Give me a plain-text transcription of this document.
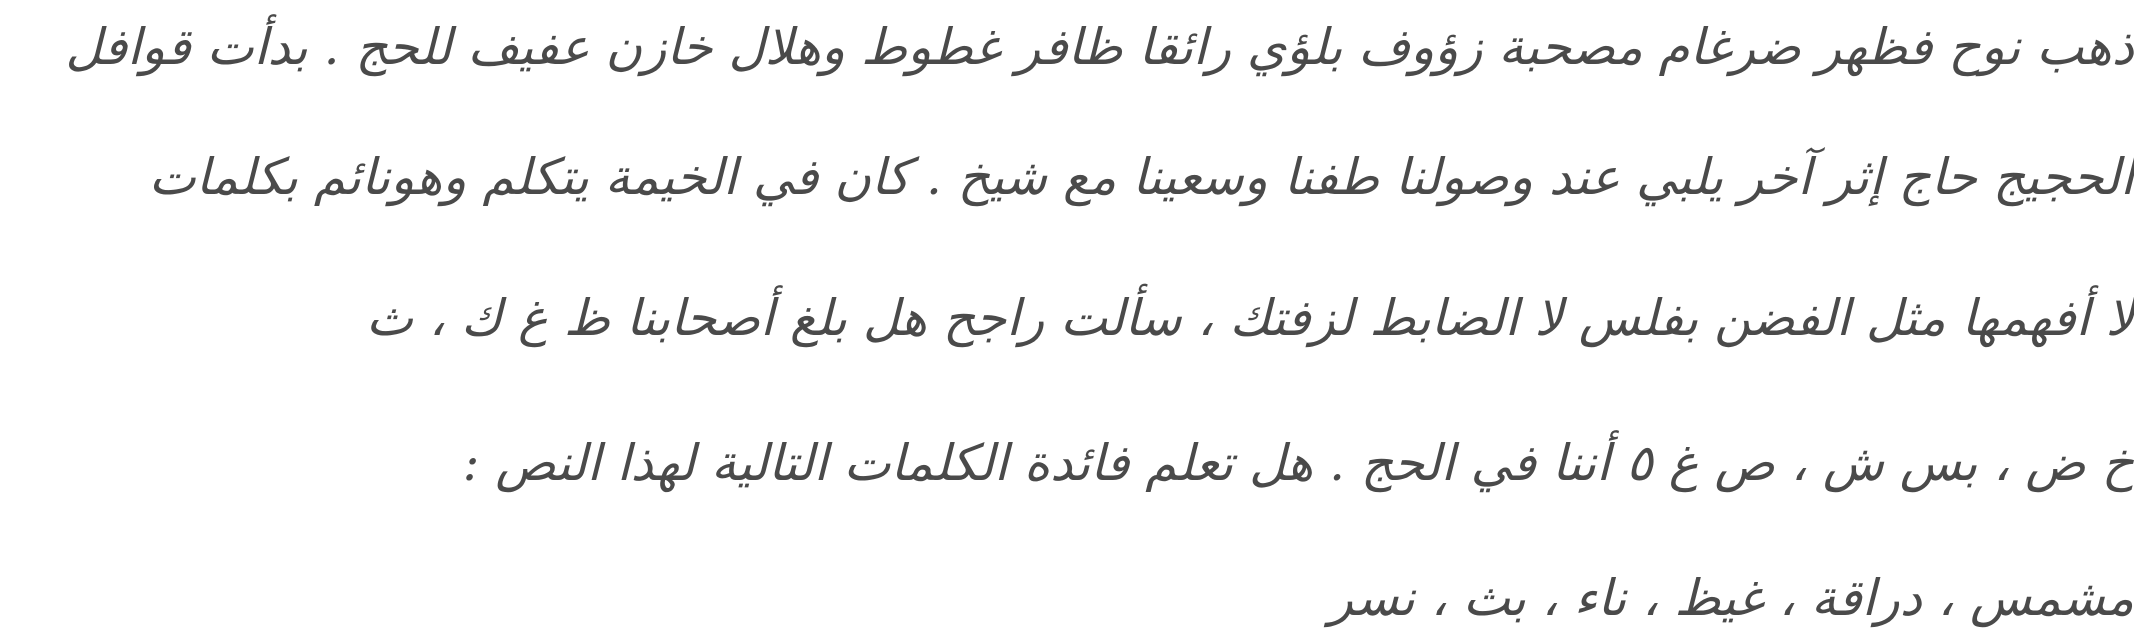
ذهب نوح فظهر ضرغام مصحبة زؤوف بلؤي رائقا ظافر غطوط وهلال خازن عفيف للحج . بدأت قوافل
الحجيج حاج إثر آخر يلبي عند وصولنا طفنا وسعينا مع شيخ . كان في الخيمة يتكلم وهونائم بكلمات
لا أفهمها مثل الفضن بفلس لا الضابط لزفتك ، سألت راجح هل بلغ أصحابنا ظ غ ك ، ث
خ ض ، بس ش ، ص غ ٥ أننا في الحج . هل تعلم فائدة الكلمات التالية لهذا النص :
مشمس ، دراقة ، غيظ ، ناء ، بث ، نسر
